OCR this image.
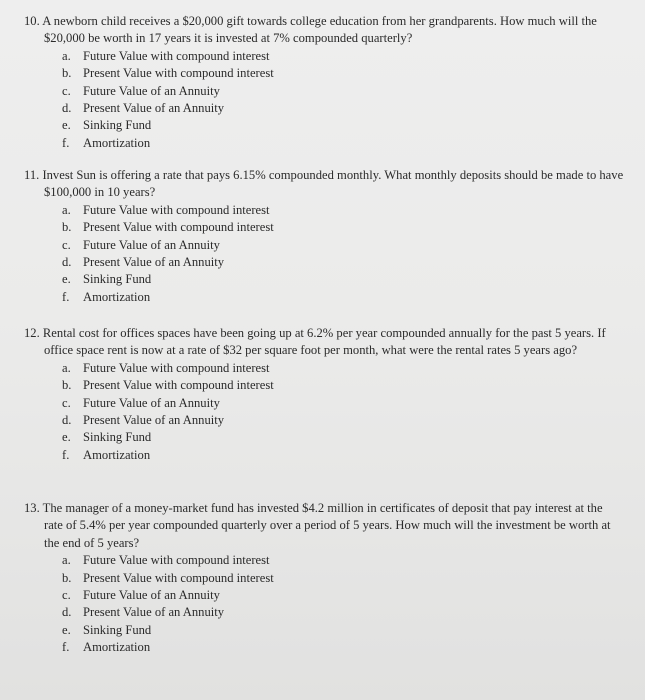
10. A newborn child receives a $20,000 gift towards college education from her grandparents. How much will the $20,000 be worth in 17 years it is invested at 7% compounded quarterly?

a. Future Value with compound interest
b. Present Value with compound interest
c. Future Value of an Annuity
d. Present Value of an Annuity
e. Sinking Fund
f. Amortization

11. Invest Sun is offering a rate that pays 6.15% compounded monthly. What monthly deposits should be made to have $100,000 in 10 years?

a. Future Value with compound interest
b. Present Value with compound interest
c. Future Value of an Annuity
d. Present Value of an Annuity
e. Sinking Fund
f. Amortization

12. Rental cost for offices spaces have been going up at 6.2% per year compounded annually for the past 5 years. If office space rent is now at a rate of $32 per square foot per month, what were the rental rates 5 years ago?

a. Future Value with compound interest
b. Present Value with compound interest
c. Future Value of an Annuity
d. Present Value of an Annuity
e. Sinking Fund
f. Amortization

13. The manager of a money-market fund has invested $4.2 million in certificates of deposit that pay interest at the rate of 5.4% per year compounded quarterly over a period of 5 years. How much will the investment be worth at the end of 5 years?

a. Future Value with compound interest
b. Present Value with compound interest
c. Future Value of an Annuity
d. Present Value of an Annuity
e. Sinking Fund
f. Amortization
